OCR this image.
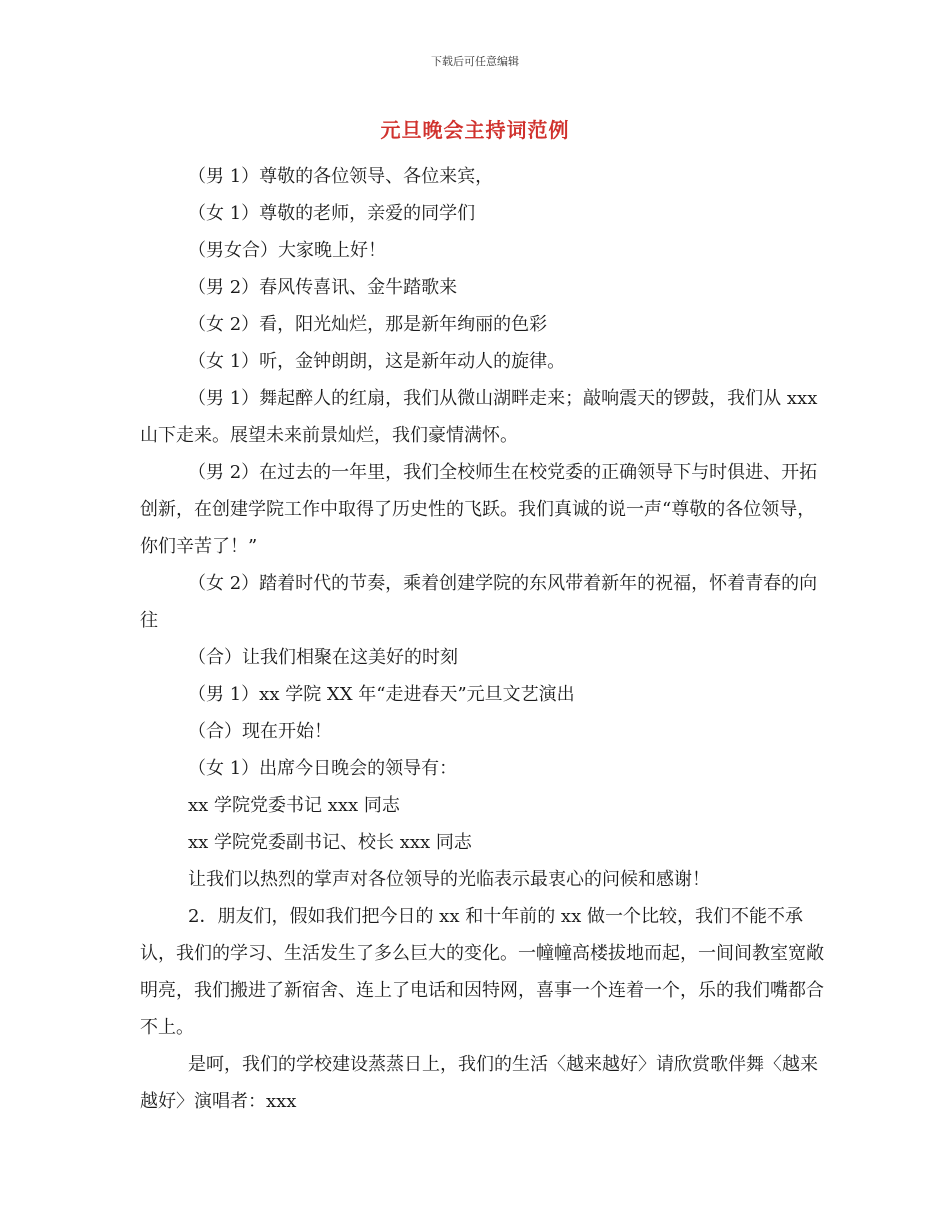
下载后可任意编辑
元旦晚会主持词范例

（男 1）尊敬的各位领导、各位来宾，

（女 1）尊敬的老师，亲爱的同学们

（男女合）大家晚上好！

（男 2）春风传喜讯、金牛踏歌来

（女 2）看，阳光灿烂，那是新年绚丽的色彩

（女 1）听，金钟朗朗，这是新年动人的旋律。

（男 1）舞起醉人的红扇，我们从微山湖畔走来；敲响震天的锣鼓，我们从 xxx 山下走来。展望未来前景灿烂，我们豪情满怀。

（男 2）在过去的一年里，我们全校师生在校党委的正确领导下与时俱进、开拓创新，在创建学院工作中取得了历史性的飞跃。我们真诚的说一声“尊敬的各位领导，你们辛苦了！”

（女 2）踏着时代的节奏，乘着创建学院的东风带着新年的祝福，怀着青春的向往

（合）让我们相聚在这美好的时刻

（男 1）xx 学院 XX 年“走进春天”元旦文艺演出

（合）现在开始！

（女 1）出席今日晚会的领导有：

xx 学院党委书记 xxx 同志

xx 学院党委副书记、校长 xxx 同志

让我们以热烈的掌声对各位领导的光临表示最衷心的问候和感谢！

2．朋友们，假如我们把今日的 xx 和十年前的 xx 做一个比较，我们不能不承认，我们的学习、生活发生了多么巨大的变化。一幢幢高楼拔地而起，一间间教室宽敞明亮，我们搬进了新宿舍、连上了电话和因特网，喜事一个连着一个，乐的我们嘴都合不上。

是呵，我们的学校建设蒸蒸日上，我们的生活〈越来越好〉请欣赏歌伴舞〈越来越好〉演唱者：xxx
